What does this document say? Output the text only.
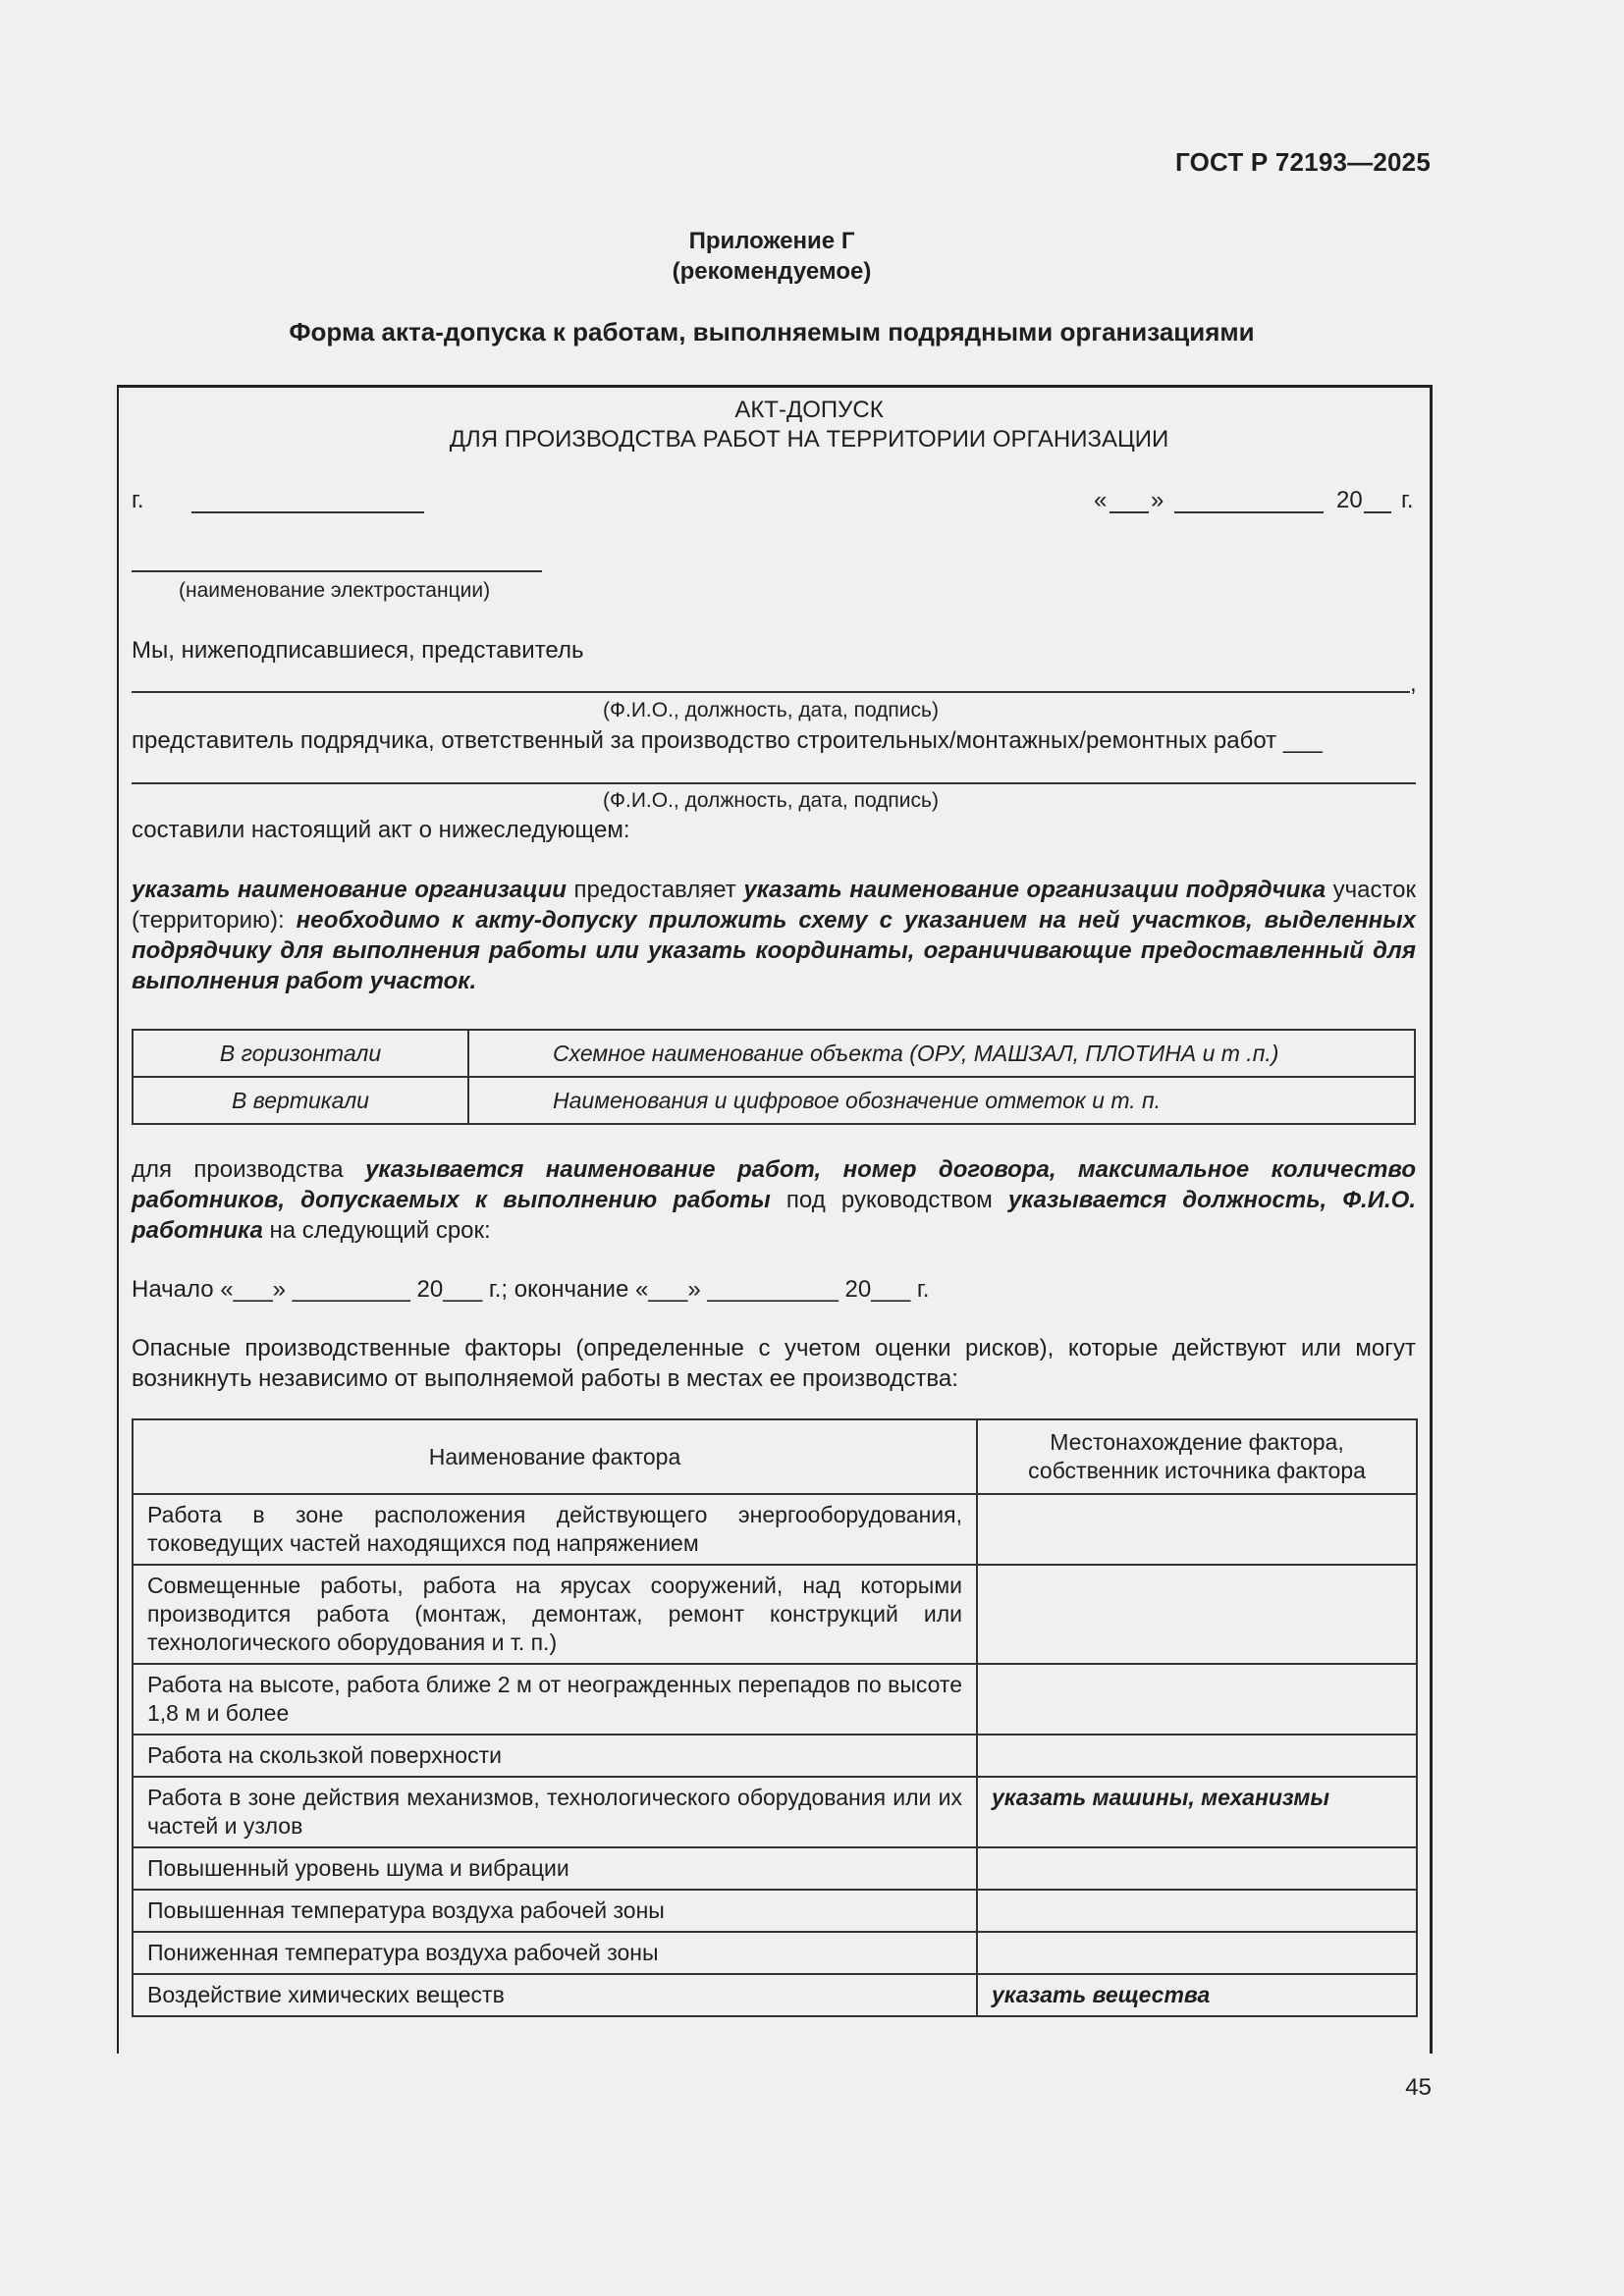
ГОСТ Р 72193—2025
Приложение Г
(рекомендуемое)
Форма акта-допуска к работам, выполняемым подрядными организациями
АКТ-ДОПУСК
ДЛЯ ПРОИЗВОДСТВА РАБОТ НА ТЕРРИТОРИИ ОРГАНИЗАЦИИ
г.	« »	20 г.
(наименование электростанции)
Мы, нижеподписавшиеся, представитель
,
(Ф.И.О., должность, дата, подпись)
представитель подрядчика, ответственный за производство строительных/монтажных/ремонтных работ ___
(Ф.И.О., должность, дата, подпись)
составили настоящий акт о нижеследующем:
указать наименование организации предоставляет указать наименование организации подрядчика участок (территорию): необходимо к акту-допуску приложить схему с указанием на ней участков, выделенных подрядчику для выполнения работы или указать координаты, ограничивающие предоставленный для выполнения работ участок.
В горизонтали	Схемное наименование объекта (ОРУ, МАШЗАЛ, ПЛОТИНА и т .п.)
В вертикали	Наименования и цифровое обозначение отметок и т. п.
для производства указывается наименование работ, номер договора, максимальное количество работников, допускаемых к выполнению работы под руководством указывается должность, Ф.И.О. работника на следующий срок:
Начало «___» _________ 20___ г.; окончание «___» __________ 20___ г.
Опасные производственные факторы (определенные с учетом оценки рисков), которые действуют или могут возникнуть независимо от выполняемой работы в местах ее производства:
Наименование фактора	Местонахождение фактора, собственник источника фактора
Работа в зоне расположения действующего энергооборудования, токоведущих частей находящихся под напряжением	
Совмещенные работы, работа на ярусах сооружений, над которыми производится работа (монтаж, демонтаж, ремонт конструкций или технологического оборудования и т. п.)	
Работа на высоте, работа ближе 2 м от неогражденных перепадов по высоте 1,8 м и более	
Работа на скользкой поверхности	
Работа в зоне действия механизмов, технологического оборудования или их частей и узлов	указать машины, механизмы
Повышенный уровень шума и вибрации	
Повышенная температура воздуха рабочей зоны	
Пониженная температура воздуха рабочей зоны	
Воздействие химических веществ	указать вещества
45
